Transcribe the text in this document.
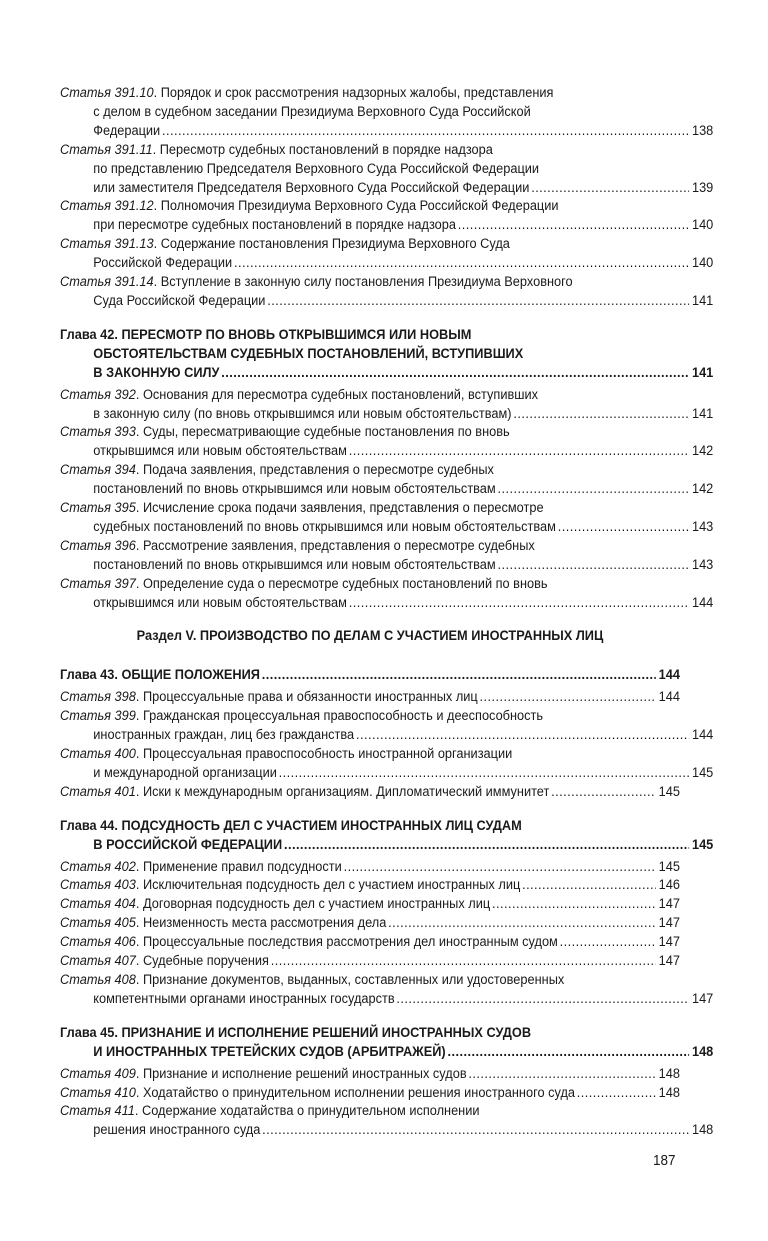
Статья 391.10 . Порядок и срок рассмотрения надзорных жалобы, представления
с делом в судебном заседании Президиума Верховного Суда Российской
Федерации .....	138
Статья 391.11 . Пересмотр судебных постановлений в порядке надзора
по представлению Председателя Верховного Суда Российской Федерации
или заместителя Председателя Верховного Суда Российской Федерации .....	139
Статья 391.12 . Полномочия Президиума Верховного Суда Российской Федерации
при пересмотре судебных постановлений в порядке надзора .....	140
Статья 391.13 . Содержание постановления Президиума Верховного Суда
Российской Федерации .....	140
Статья 391.14 . Вступление в законную силу постановления Президиума Верховного
Суда Российской Федерации .....	141
Глава 42. ПЕРЕСМОТР ПО ВНОВЬ ОТКРЫВШИМСЯ ИЛИ НОВЫМ
ОБСТОЯТЕЛЬСТВАМ СУДЕБНЫХ ПОСТАНОВЛЕНИЙ, ВСТУПИВШИХ
В ЗАКОННУЮ СИЛУ .....	141
Статья 392 . Основания для пересмотра судебных постановлений, вступивших
в законную силу (по вновь открывшимся или новым обстоятельствам) .....	141
Статья 393 . Суды, пересматривающие судебные постановления по вновь
открывшимся или новым обстоятельствам .....	142
Статья 394 . Подача заявления, представления о пересмотре судебных
постановлений по вновь открывшимся или новым обстоятельствам .....	142
Статья 395 . Исчисление срока подачи заявления, представления о пересмотре
судебных постановлений по вновь открывшимся или новым обстоятельствам .....	143
Статья 396 . Рассмотрение заявления, представления о пересмотре судебных
постановлений по вновь открывшимся или новым обстоятельствам .....	143
Статья 397 . Определение суда о пересмотре судебных постановлений по вновь
открывшимся или новым обстоятельствам .....	144
Раздел V. ПРОИЗВОДСТВО ПО ДЕЛАМ С УЧАСТИЕМ ИНОСТРАННЫХ ЛИЦ
Глава 43. ОБЩИЕ ПОЛОЖЕНИЯ .....	144
Статья 398 . Процессуальные права и обязанности иностранных лиц .....	144
Статья 399 . Гражданская процессуальная правоспособность и дееспособность
иностранных граждан, лиц без гражданства .....	144
Статья 400 . Процессуальная правоспособность иностранной организации
и международной организации .....	145
Статья 401 . Иски к международным организациям. Дипломатический иммунитет .....	145
Глава 44. ПОДСУДНОСТЬ ДЕЛ С УЧАСТИЕМ ИНОСТРАННЫХ ЛИЦ СУДАМ
В РОССИЙСКОЙ ФЕДЕРАЦИИ .....	145
Статья 402 . Применение правил подсудности .....	145
Статья 403 . Исключительная подсудность дел с участием иностранных лиц .....	146
Статья 404 . Договорная подсудность дел с участием иностранных лиц .....	147
Статья 405 . Неизменность места рассмотрения дела .....	147
Статья 406 . Процессуальные последствия рассмотрения дел иностранным судом .....	147
Статья 407 . Судебные поручения .....	147
Статья 408 . Признание документов, выданных, составленных или удостоверенных
компетентными органами иностранных государств .....	147
Глава 45. ПРИЗНАНИЕ И ИСПОЛНЕНИЕ РЕШЕНИЙ ИНОСТРАННЫХ СУДОВ
И ИНОСТРАННЫХ ТРЕТЕЙСКИХ СУДОВ (АРБИТРАЖЕЙ) .....	148
Статья 409 . Признание и исполнение решений иностранных судов .....	148
Статья 410 . Ходатайство о принудительном исполнении решения иностранного суда .....	148
Статья 411 . Содержание ходатайства о принудительном исполнении
решения иностранного суда .....	148
187
